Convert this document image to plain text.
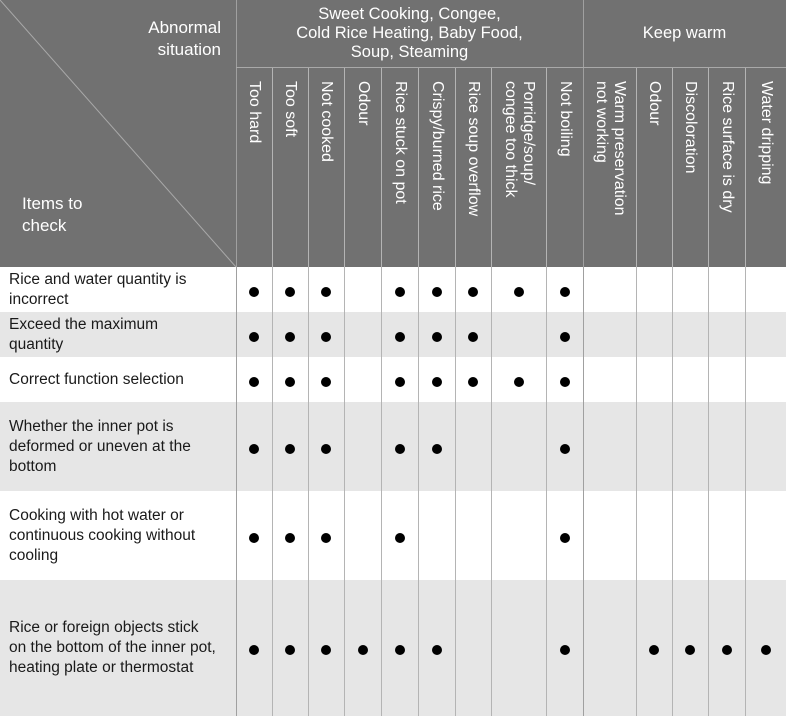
Abnormal
situation
Items to
check
Sweet Cooking, Congee,
Cold Rice Heating, Baby Food,
Soup, Steaming
Keep warm
Too hard Too soft Not cooked Odour Rice stuck on pot Crispy/burned rice Rice soup overflow	Porridge/soup/
congee too thick
Not boiling	Warm preservation
not working
Odour Discoloration Rice surface is dry Water dripping
Rice and water quantity is
incorrect
Exceed the maximum
quantity
Correct function selection
Whether the inner pot is
deformed or uneven at the
bottom
Cooking with hot water or
continuous cooking without
cooling
Rice or foreign objects stick
on the bottom of the inner pot,
heating plate or thermostat
